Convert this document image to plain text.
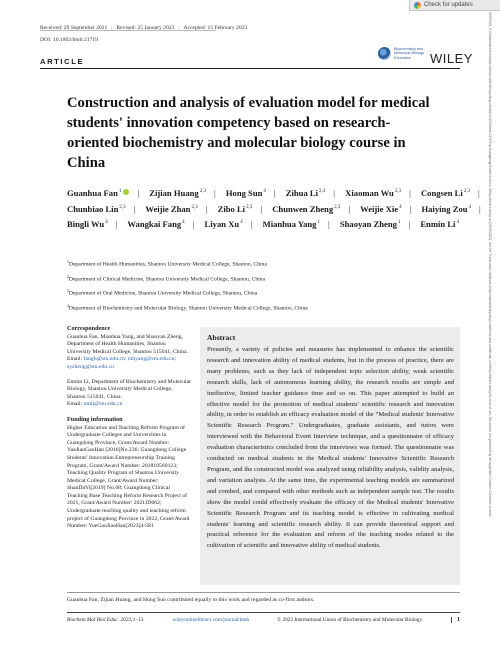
Check for updates
Received: 29 September 2021 | Revised: 25 January 2023 | Accepted: 15 February 2023
DOI: 10.1002/bmb.21719
ARTICLE
Biochemistry and
Molecular Biology
Education	WILEY
Construction and analysis of evaluation model for medical students' innovation competency based on research-oriented biochemistry and molecular biology course in China
Guanhua Fan$^1$ | Zijian Huang$^{2,3}$ | Hong Sun$^4$ | Zihua Li$^{2,3}$ | Xiaoman Wu$^{2,3}$ | Congsen Li$^{2,3}$ | Chunbiao Lin$^{2,3}$ | Weijie Zhan$^{2,3}$ | Zibo Li$^{2,3}$ | Chunwen Zheng$^{2,3}$ | Weijie Xie$^4$ | Haiying Zou$^4$ | Bingli Wu$^4$ | Wangkai Fang$^4$ | Liyan Xu$^4$ | Mianhua Yang$^1$ | Shaoyan Zheng$^1$ | Enmin Li$^4$
$^1$Department of Health Humanities, Shantou University Medical College, Shantou, China
$^2$Department of Clinical Medicine, Shantou University Medical College, Shantou, China
$^3$Department of Oral Medicine, Shantou University Medical College, Shantou, China
$^4$Department of Biochemistry and Molecular Biology, Shantou University Medical College, Shantou, China
Correspondence

Guanhua Fan, Mianhua Yang, and Shaoyan Zheng, Department of Health Humanities, Shantou University Medical College, Shantou 515041, China.
Email: fangh@stu.edu.cn; mhyang@stu.edu.cn; syzheng@stu.edu.cn

Enmin Li, Department of Biochemistry and Molecular Biology, Shantou University Medical College, Shantou 515041, China.
Email: nmli@stu.edu.cn

Funding information
Higher Education and Teaching Reform Program of Undergraduate Colleges and Universities in Guangdong Province, Grant/Award Number: YueJiaoGaoHan [2016]No.236; Guangdong College Students' Innovation Entrepreneurship Training Program, Grant/Award Number: 201810560123; Teaching Quality Program of Shantou University Medical College, Grant/Award Number: ShanDaYi[2019] No.68; Guangdong Clinical Teaching Base Teaching Reform Research Project of 2021, Grant/Award Number: 2021JD062; Undergraduate teaching quality and teaching reform project of Guangdong Province in 2022, Grant/Award Number: YueGaoJiaoHan[2023]4-581
Abstract
Presently, a variety of policies and measures has implemented to enhance the scientific research and innovation ability of medical students, but in the process of practice, there are many problems, such as they lack of independent topic selection ability, weak scientific research skills, lack of autonomous learning ability, the research results are simple and ineffective, limited teacher guidance time and so on. This paper attempted to build an effective model for the promotion of medical students' scientific research and innovation ability, in order to establish an efficacy evaluation model of the “Medical students' Innovative Scientific Research Program.” Undergraduates, graduate assistants, and tutors were interviewed with the Behavioral Event Interview technique, and a questionnaire of efficacy evaluation characteristics concluded from the interviews was formed. The questionnaire was conducted on medical students in the Medical students' Innovative Scientific Research Program, and the constructed model was analyzed using reliability analysis, validity analysis, and variation analysis. At the same time, the experimental teaching models are summarized and combed, and compared with other methods such as independent sample test. The results show the model could effectively evaluate the efficacy of the Medical students' Innovative Scientific Research Program and its teaching model is effective in cultivating medical students' learning and scientific research ability. It can provide theoretical support and practical reference for the evaluation and reform of the teaching modes related to the cultivation of scientific and innovative ability of medical students.
Guanhua Fan, Zijian Huang, and Hong Sun contributed equally to this work and regarded as co-first authors.
Biochem Mol Biol Educ. 2023;1–13.	wileyonlinelibrary.com/journal/bmb	© 2023 International Union of Biochemistry and Molecular Biology.	1
15393429, 0, Downloaded from https://iubmb.onlinelibrary.wiley.com/doi/10.1002/bmb.21719 by Guangdong Health Science, Wiley Online Library on [03/03/2023]. See the Terms and Conditions (https://onlinelibrary.wiley.com/terms-and-conditions) on Wiley Online Library for rules of use; OA articles are governed by the applicable Creative Commons License
